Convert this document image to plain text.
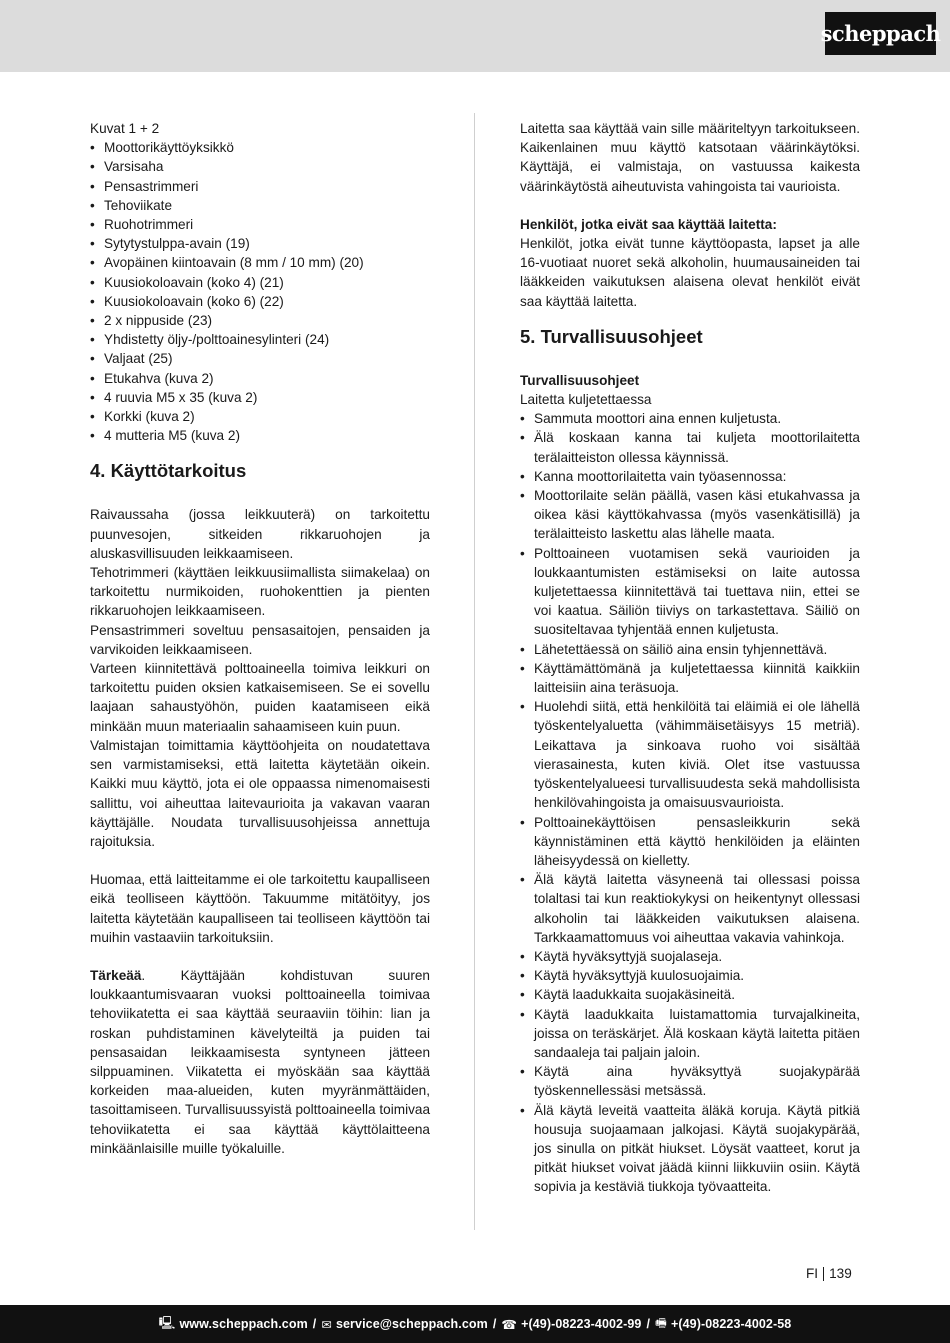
scheppach

Kuvat 1 + 2

• Moottorikäyttöyksikkö
• Varsisaha
• Pensastrimmeri
• Tehoviikate
• Ruohotrimmeri
• Sytytystulppa-avain (19)
• Avopäinen kiintoavain (8 mm / 10 mm) (20)
• Kuusiokoloavain (koko 4) (21)
• Kuusiokoloavain (koko 6) (22)
• 2 x nippuside (23)
• Yhdistetty öljy-/polttoainesylinteri (24)
• Valjaat (25)
• Etukahva (kuva 2)
• 4 ruuvia M5 x 35 (kuva 2)
• Korkki (kuva 2)
• 4 mutteria M5 (kuva 2)
4. Käyttötarkoitus

Raivaussaha (jossa leikkuuterä) on tarkoitettu puunvesojen, sitkeiden rikkaruohojen ja aluskasvillisuuden leikkaamiseen.

Tehotrimmeri (käyttäen leikkuusiimallista siimakelaa) on tarkoitettu nurmikoiden, ruohokenttien ja pienten rikkaruohojen leikkaamiseen.

Pensastrimmeri soveltuu pensasaitojen, pensaiden ja varvikoiden leikkaamiseen.

Varteen kiinnitettävä polttoaineella toimiva leikkuri on tarkoitettu puiden oksien katkaisemiseen. Se ei sovellu laajaan sahaustyöhön, puiden kaatamiseen eikä minkään muun materiaalin sahaamiseen kuin puun.

Valmistajan toimittamia käyttöohjeita on noudatettava sen varmistamiseksi, että laitetta käytetään oikein. Kaikki muu käyttö, jota ei ole oppaassa nimenomaisesti sallittu, voi aiheuttaa laitevaurioita ja vakavan vaaran käyttäjälle. Noudata turvallisuusohjeissa annettuja rajoituksia.

Huomaa, että laitteitamme ei ole tarkoitettu kaupalliseen eikä teolliseen käyttöön. Takuumme mitätöityy, jos laitetta käytetään kaupalliseen tai teolliseen käyttöön tai muihin vastaaviin tarkoituksiin.

Tärkeää. Käyttäjään kohdistuvan suuren loukkaantumisvaaran vuoksi polttoaineella toimivaa tehoviikatetta ei saa käyttää seuraaviin töihin: lian ja roskan puhdistaminen kävelyteiltä ja puiden tai pensasaidan leikkaamisesta syntyneen jätteen silppuaminen. Viikatetta ei myöskään saa käyttää korkeiden maa-alueiden, kuten myyränmättäiden, tasoittamiseen. Turvallisuussyistä polttoaineella toimivaa tehoviikatetta ei saa käyttää käyttölaitteena minkäänlaisille muille työkaluille.

Laitetta saa käyttää vain sille määriteltyyn tarkoitukseen. Kaikenlainen muu käyttö katsotaan väärinkäytöksi. Käyttäjä, ei valmistaja, on vastuussa kaikesta väärinkäytöstä aiheutuvista vahingoista tai vaurioista.

Henkilöt, jotka eivät saa käyttää laitetta:

Henkilöt, jotka eivät tunne käyttöopasta, lapset ja alle 16-vuotiaat nuoret sekä alkoholin, huumausaineiden tai lääkkeiden vaikutuksen alaisena olevat henkilöt eivät saa käyttää laitetta.

5. Turvallisuusohjeet

Turvallisuusohjeet

Laitetta kuljetettaessa

• Sammuta moottori aina ennen kuljetusta.
• Älä koskaan kanna tai kuljeta moottorilaitetta terälaitteiston ollessa käynnissä.
• Kanna moottorilaitetta vain työasennossa:
• Moottorilaite selän päällä, vasen käsi etukahvassa ja oikea käsi käyttökahvassa (myös vasenkätisillä) ja terälaitteisto laskettu alas lähelle maata.
• Polttoaineen vuotamisen sekä vaurioiden ja loukkaantumisten estämiseksi on laite autossa kuljetettaessa kiinnitettävä tai tuettava niin, ettei se voi kaatua. Säiliön tiiviys on tarkastettava. Säiliö on suositeltavaa tyhjentää ennen kuljetusta.
• Lähetettäessä on säiliö aina ensin tyhjennettävä.
• Käyttämättömänä ja kuljetettaessa kiinnitä kaikkiin laitteisiin aina teräsuoja.
• Huolehdi siitä, että henkilöitä tai eläimiä ei ole lähellä työskentelyaluetta (vähimmäisetäisyys 15 metriä). Leikattava ja sinkoava ruoho voi sisältää vierasainesta, kuten kiviä. Olet itse vastuussa työskentelyalueesi turvallisuudesta sekä mahdollisista henkilövahingoista ja omaisuusvaurioista.
• Polttoainekäyttöisen pensasleikkurin sekä käynnistäminen että käyttö henkilöiden ja eläinten läheisyydessä on kielletty.
• Älä käytä laitetta väsyneenä tai ollessasi poissa tolaltasi tai kun reaktiokykysi on heikentynyt ollessasi alkoholin tai lääkkeiden vaikutuksen alaisena. Tarkkaamattomuus voi aiheuttaa vakavia vahinkoja.
• Käytä hyväksyttyjä suojalaseja.
• Käytä hyväksyttyjä kuulosuojaimia.
• Käytä laadukkaita suojakäsineitä.
• Käytä laadukkaita luistamattomia turvajalkineita, joissa on teräskärjet. Älä koskaan käytä laitetta pitäen sandaaleja tai paljain jaloin.
• Käytä aina hyväksyttyä suojakypärää työskennellessäsi metsässä.
• Älä käytä leveitä vaatteita äläkä koruja. Käytä pitkiä housuja suojaamaan jalkojasi. Käytä suojakypärää, jos sinulla on pitkät hiukset. Löysät vaatteet, korut ja pitkät hiukset voivat jäädä kiinni liikkuviin osiin. Käytä sopivia ja kestäviä tiukkoja työvaatteita.
FI 139
🖳 www.scheppach.com / ✉ service@scheppach.com / ☎ +(49)-08223-4002-99 / 🖷 +(49)-08223-4002-58
